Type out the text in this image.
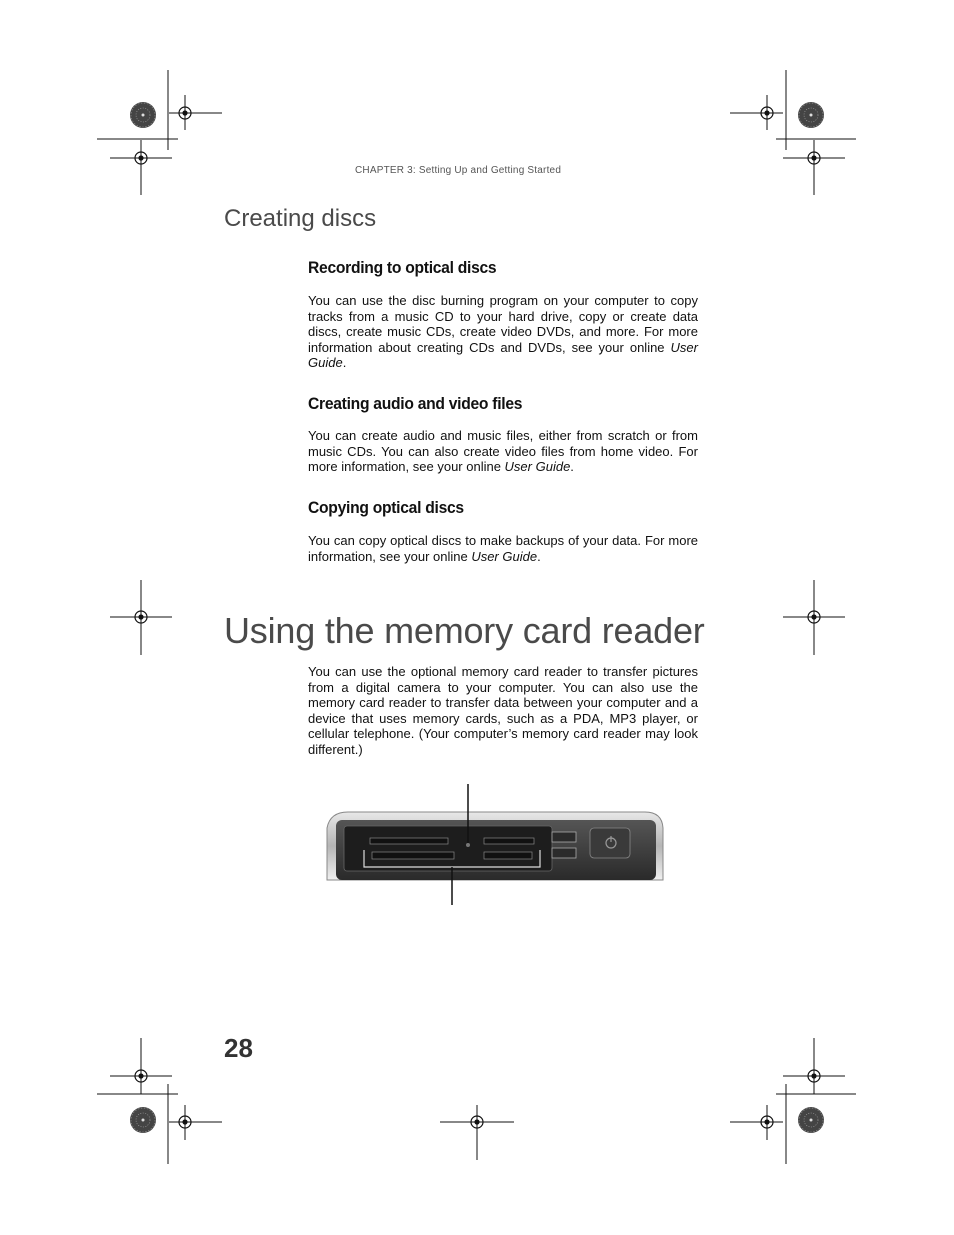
CHAPTER 3: Setting Up and Getting Started
Creating discs
Recording to optical discs
You can use the disc burning program on your computer to copy tracks from a music CD to your hard drive, copy or create data discs, create music CDs, create video DVDs, and more. For more information about creating CDs and DVDs, see your online User Guide.
Creating audio and video files
You can create audio and music files, either from scratch or from music CDs. You can also create video files from home video. For more information, see your online User Guide.
Copying optical discs
You can copy optical discs to make backups of your data. For more information, see your online User Guide.
Using the memory card reader
You can use the optional memory card reader to transfer pictures from a digital camera to your computer. You can also use the memory card reader to transfer data between your computer and a device that uses memory cards, such as a PDA, MP3 player, or cellular telephone. (Your computer’s memory card reader may look different.)
28
